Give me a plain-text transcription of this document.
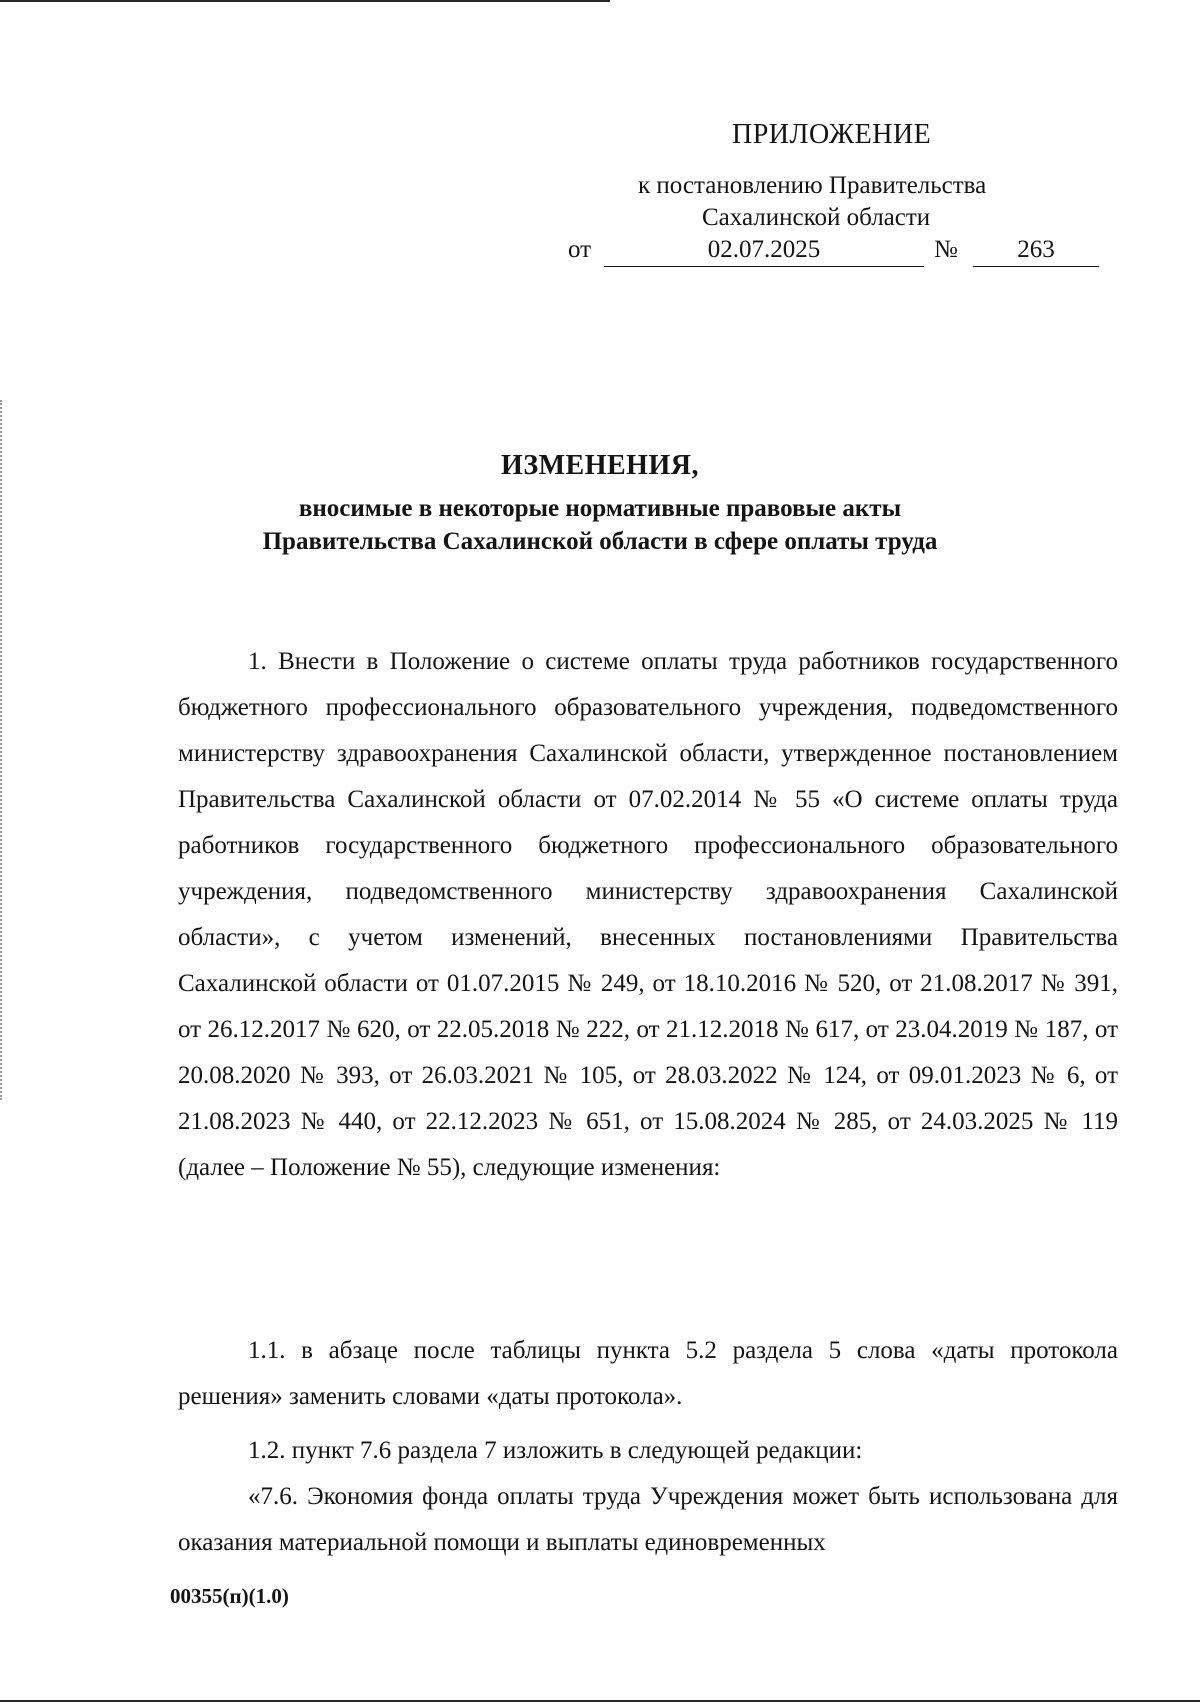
ПРИЛОЖЕНИЕ
к постановлению Правительства
Сахалинской области
от	02.07.2025	№	263
ИЗМЕНЕНИЯ,
вносимые в некоторые нормативные правовые акты
Правительства Сахалинской области в сфере оплаты труда

1. Внести в Положение о системе оплаты труда работников государственного бюджетного профессионального образовательного учреждения, подведомственного министерству здравоохранения Сахалинской области, утвержденное постановлением Правительства Сахалинской области от 07.02.2014 № 55 «О системе оплаты труда работников государственного бюджетного профессионального образовательного учреждения, подведомственного министерству здравоохранения Сахалинской области», с учетом изменений, внесенных постановлениями Правительства Сахалинской области от 01.07.2015 № 249, от 18.10.2016 № 520, от 21.08.2017 № 391, от 26.12.2017 № 620, от 22.05.2018 № 222, от 21.12.2018 № 617, от 23.04.2019 № 187, от 20.08.2020 № 393, от 26.03.2021 № 105, от 28.03.2022 № 124, от 09.01.2023 № 6, от 21.08.2023 № 440, от 22.12.2023 № 651, от 15.08.2024 № 285, от 24.03.2025 № 119 (далее – Положение № 55), следующие изменения:

1.1. в абзаце после таблицы пункта 5.2 раздела 5 слова «даты протокола решения» заменить словами «даты протокола».

1.2. пункт 7.6 раздела 7 изложить в следующей редакции:

«7.6. Экономия фонда оплаты труда Учреждения может быть использована для оказания материальной помощи и выплаты единовременных

00355(п)(1.0)
